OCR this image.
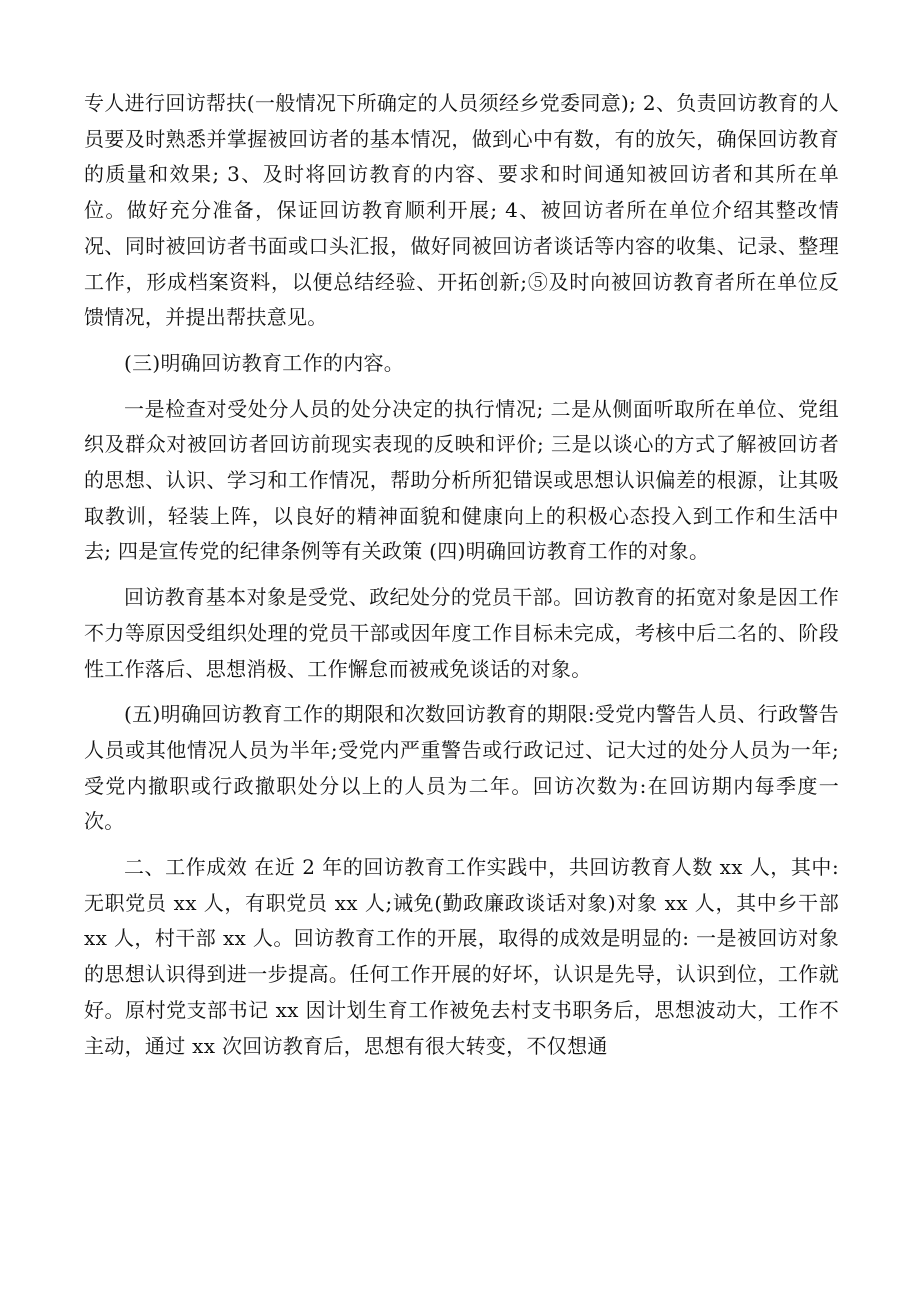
专人进行回访帮扶(一般情况下所确定的人员须经乡党委同意); 2、负责回访教育的人员要及时熟悉并掌握被回访者的基本情况，做到心中有数，有的放矢，确保回访教育的质量和效果; 3、及时将回访教育的内容、要求和时间通知被回访者和其所在单位。做好充分准备，保证回访教育顺利开展; 4、被回访者所在单位介绍其整改情况、同时被回访者书面或口头汇报，做好同被回访者谈话等内容的收集、记录、整理工作，形成档案资料，以便总结经验、开拓创新;⑤及时向被回访教育者所在单位反馈情况，并提出帮扶意见。

(三)明确回访教育工作的内容。

一是检查对受处分人员的处分决定的执行情况; 二是从侧面听取所在单位、党组织及群众对被回访者回访前现实表现的反映和评价; 三是以谈心的方式了解被回访者的思想、认识、学习和工作情况，帮助分析所犯错误或思想认识偏差的根源，让其吸取教训，轻装上阵，以良好的精神面貌和健康向上的积极心态投入到工作和生活中去; 四是宣传党的纪律条例等有关政策 (四)明确回访教育工作的对象。

回访教育基本对象是受党、政纪处分的党员干部。回访教育的拓宽对象是因工作不力等原因受组织处理的党员干部或因年度工作目标未完成，考核中后二名的、阶段性工作落后、思想消极、工作懈怠而被戒免谈话的对象。

(五)明确回访教育工作的期限和次数回访教育的期限:受党内警告人员、行政警告人员或其他情况人员为半年;受党内严重警告或行政记过、记大过的处分人员为一年;受党内撤职或行政撤职处分以上的人员为二年。回访次数为:在回访期内每季度一次。

二、工作成效 在近 2 年的回访教育工作实践中，共回访教育人数 xx 人，其中:无职党员 xx 人，有职党员 xx 人;诫免(勤政廉政谈话对象)对象 xx 人，其中乡干部 xx 人，村干部 xx 人。回访教育工作的开展，取得的成效是明显的: 一是被回访对象的思想认识得到进一步提高。任何工作开展的好坏，认识是先导，认识到位，工作就好。原村党支部书记 xx 因计划生育工作被免去村支书职务后，思想波动大，工作不主动，通过 xx 次回访教育后，思想有很大转变，不仅想通
